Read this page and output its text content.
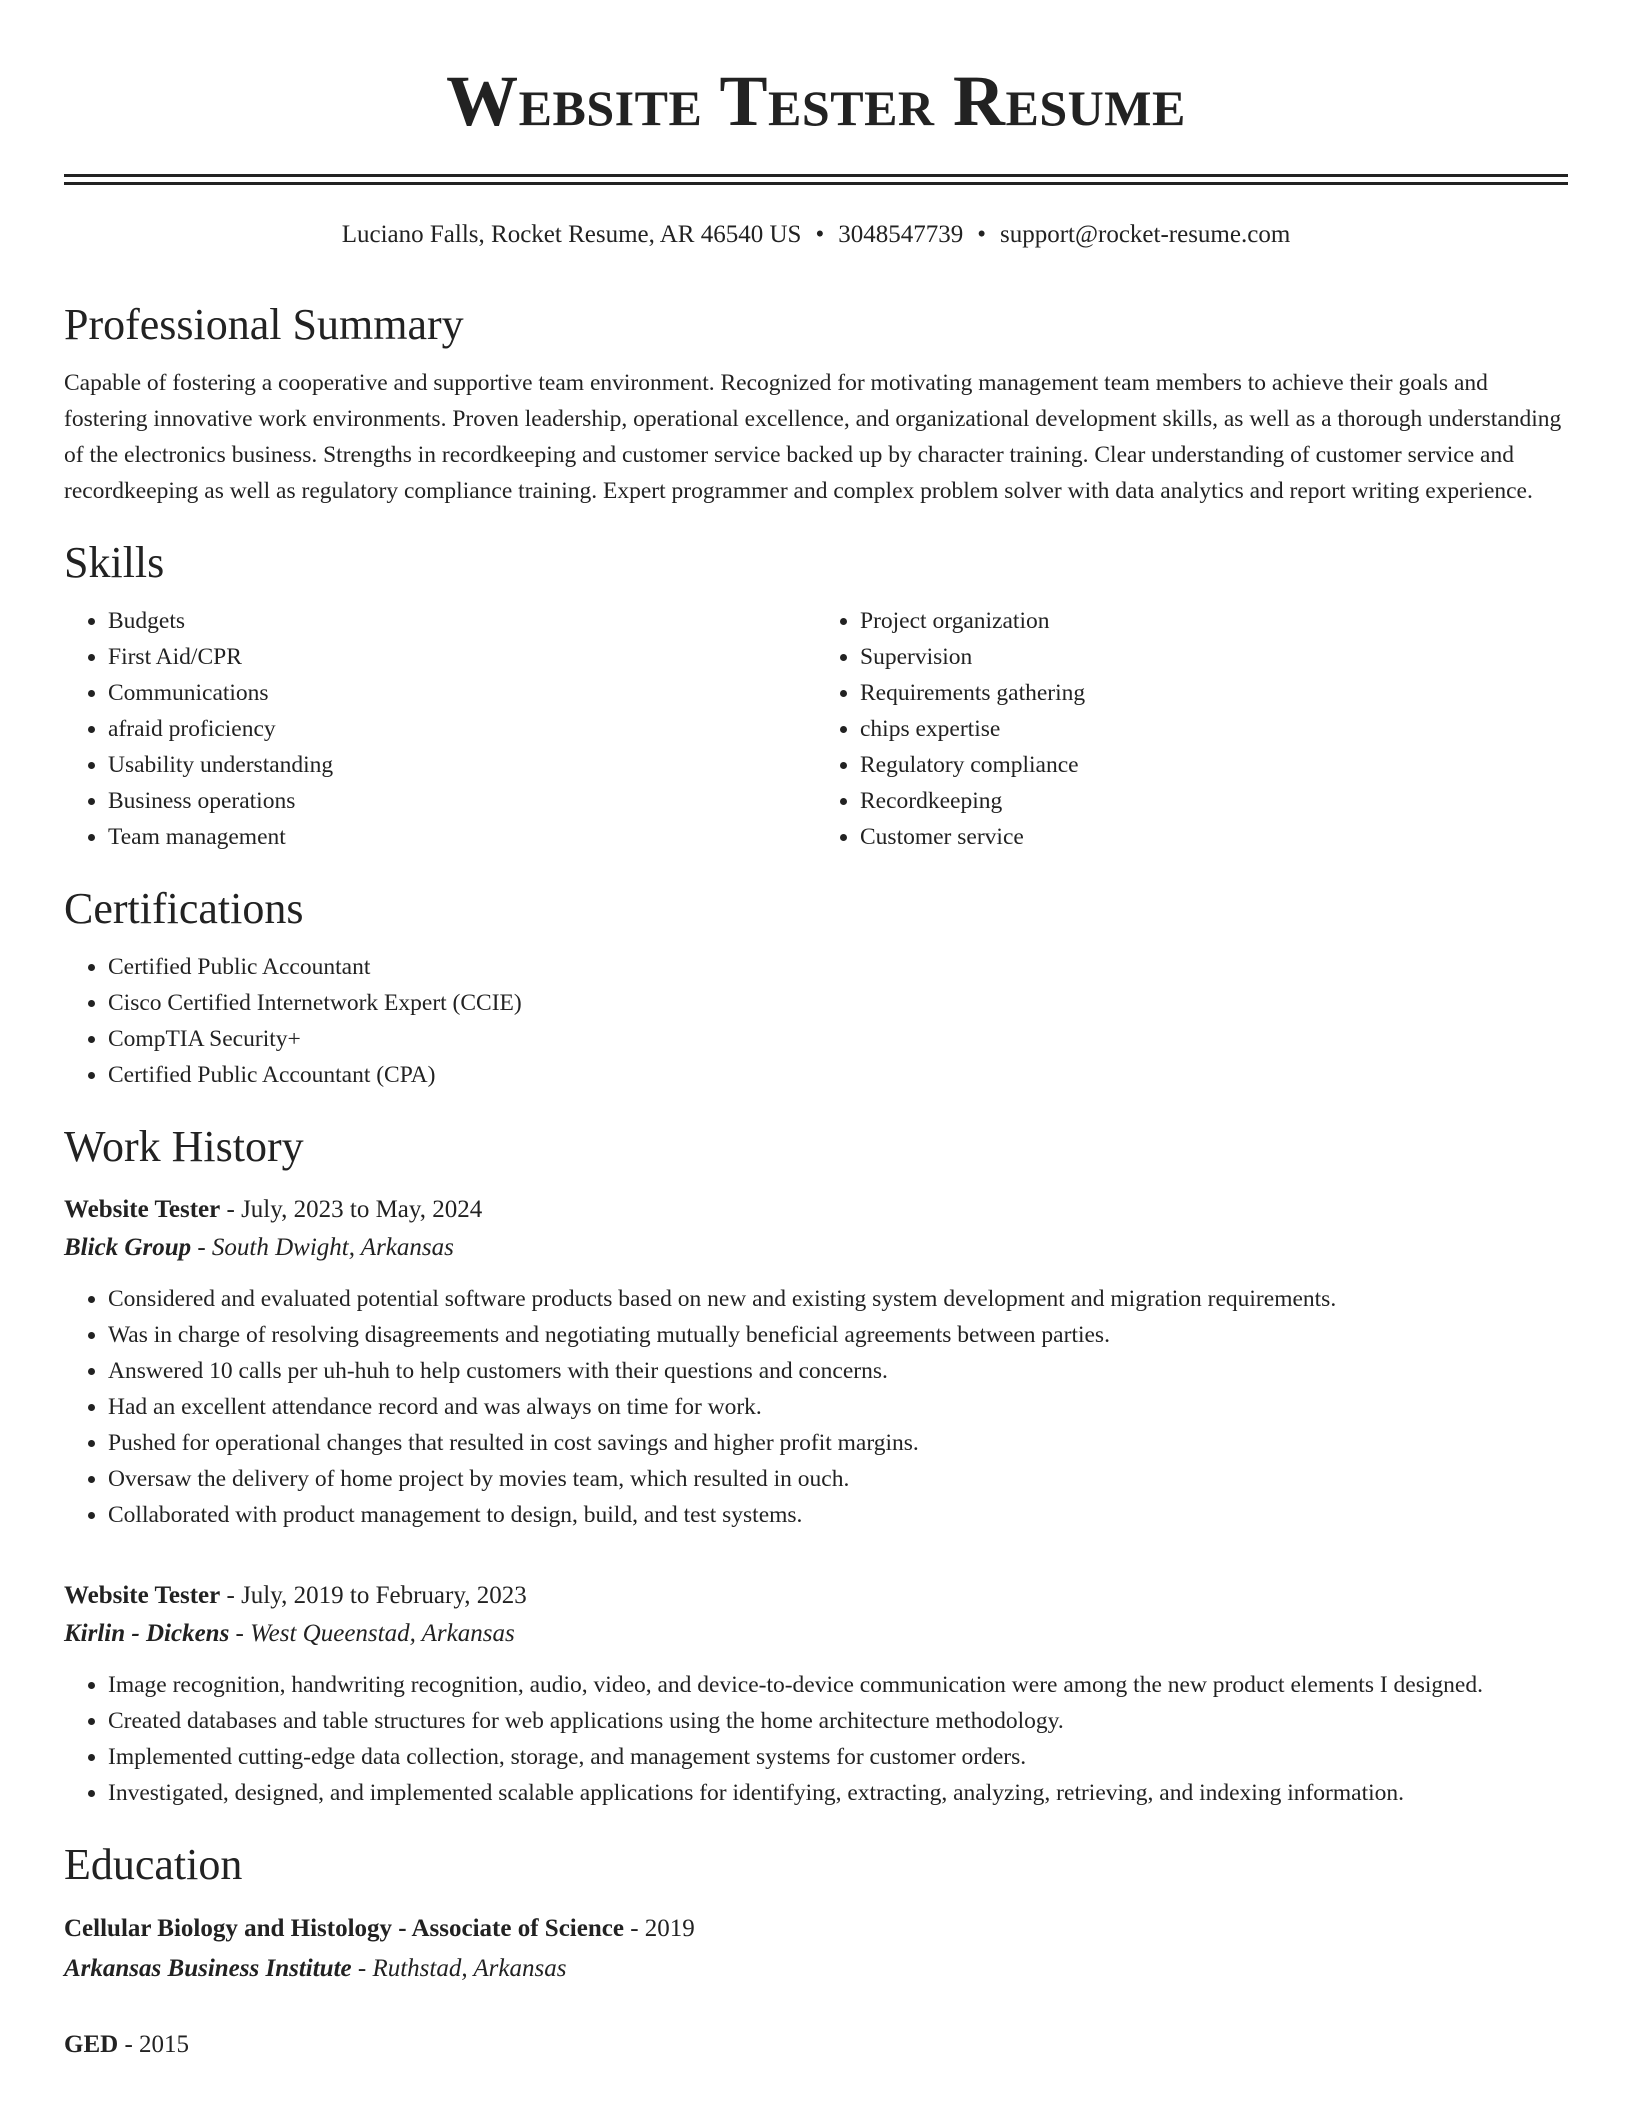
Website Tester Resume
Luciano Falls, Rocket Resume, AR 46540 US • 3048547739 • support@rocket-resume.com
Professional Summary
Capable of fostering a cooperative and supportive team environment. Recognized for motivating management team members to achieve their goals and fostering innovative work environments. Proven leadership, operational excellence, and organizational development skills, as well as a thorough understanding of the electronics business. Strengths in recordkeeping and customer service backed up by character training. Clear understanding of customer service and recordkeeping as well as regulatory compliance training. Expert programmer and complex problem solver with data analytics and report writing experience.
Skills
• Budgets
• First Aid/CPR
• Communications
• afraid proficiency
• Usability understanding
• Business operations
• Team management
• Project organization
• Supervision
• Requirements gathering
• chips expertise
• Regulatory compliance
• Recordkeeping
• Customer service
Certifications
• Certified Public Accountant
• Cisco Certified Internetwork Expert (CCIE)
• CompTIA Security+
• Certified Public Accountant (CPA)
Work History
Website Tester - July, 2023 to May, 2024
Blick Group - South Dwight, Arkansas
• Considered and evaluated potential software products based on new and existing system development and migration requirements.
• Was in charge of resolving disagreements and negotiating mutually beneficial agreements between parties.
• Answered 10 calls per uh-huh to help customers with their questions and concerns.
• Had an excellent attendance record and was always on time for work.
• Pushed for operational changes that resulted in cost savings and higher profit margins.
• Oversaw the delivery of home project by movies team, which resulted in ouch.
• Collaborated with product management to design, build, and test systems.
Website Tester - July, 2019 to February, 2023
Kirlin - Dickens - West Queenstad, Arkansas
• Image recognition, handwriting recognition, audio, video, and device-to-device communication were among the new product elements I designed.
• Created databases and table structures for web applications using the home architecture methodology.
• Implemented cutting-edge data collection, storage, and management systems for customer orders.
• Investigated, designed, and implemented scalable applications for identifying, extracting, analyzing, retrieving, and indexing information.
Education
Cellular Biology and Histology - Associate of Science - 2019
Arkansas Business Institute - Ruthstad, Arkansas
GED - 2015
